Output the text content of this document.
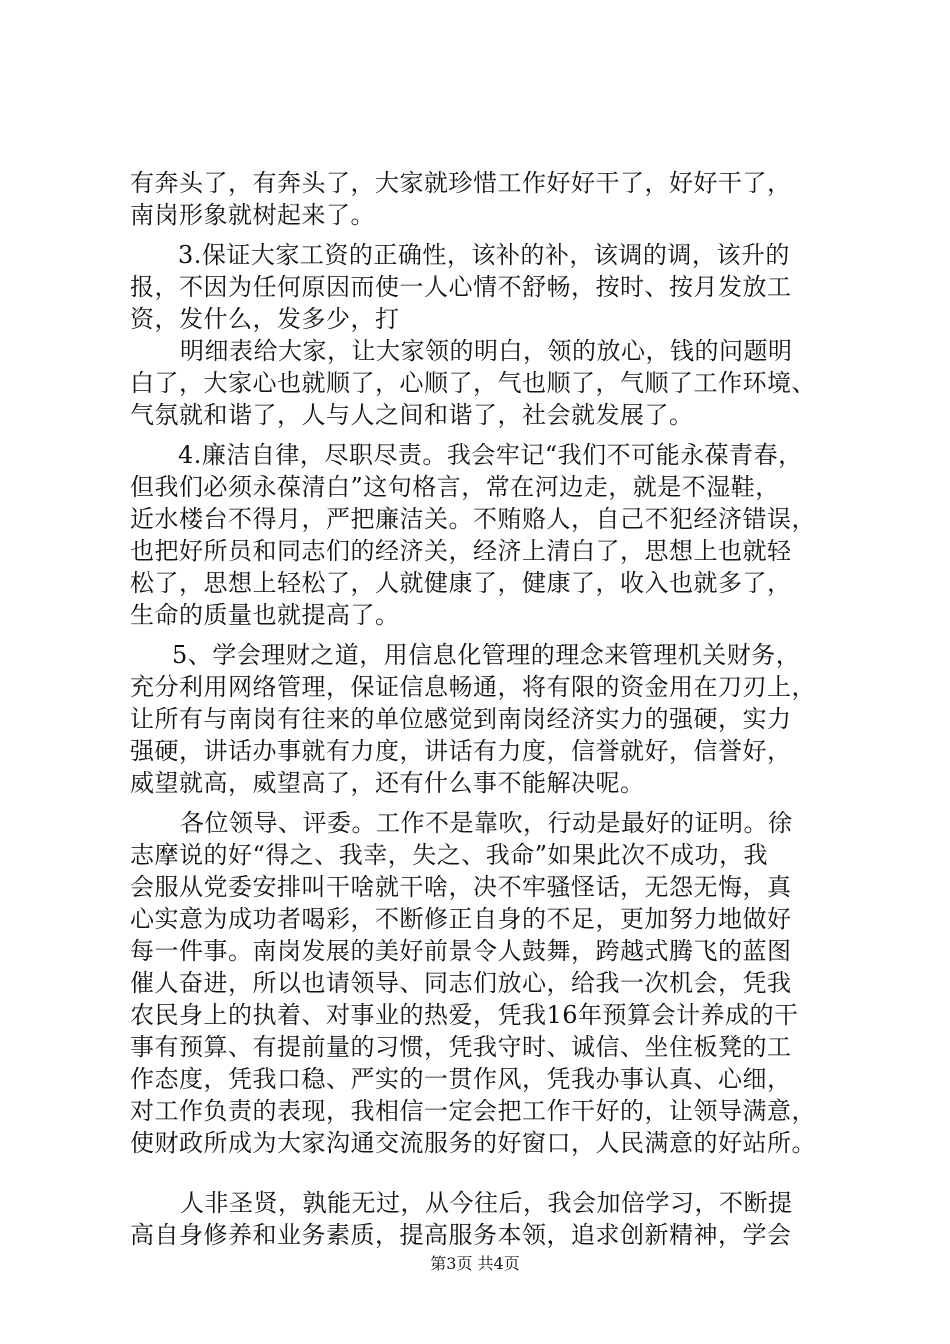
有奔头了，有奔头了，大家就珍惜工作好好干了，好好干了，
南岗形象就树起来了。
3.保证大家工资的正确性，该补的补，该调的调，该升的
报，不因为任何原因而使一人心情不舒畅，按时、按月发放工
资，发什么，发多少，打
明细表给大家，让大家领的明白，领的放心，钱的问题明
白了，大家心也就顺了，心顺了，气也顺了，气顺了工作环境、
气氛就和谐了，人与人之间和谐了，社会就发展了。
4.廉洁自律，尽职尽责。我会牢记“我们不可能永葆青春，
但我们必须永葆清白”这句格言，常在河边走，就是不湿鞋，
近水楼台不得月，严把廉洁关。不贿赂人，自己不犯经济错误，
也把好所员和同志们的经济关，经济上清白了，思想上也就轻
松了，思想上轻松了，人就健康了，健康了，收入也就多了，
生命的质量也就提高了。
5、学会理财之道，用信息化管理的理念来管理机关财务，
充分利用网络管理，保证信息畅通，将有限的资金用在刀刃上，
让所有与南岗有往来的单位感觉到南岗经济实力的强硬，实力
强硬，讲话办事就有力度，讲话有力度，信誉就好，信誉好，
威望就高，威望高了，还有什么事不能解决呢。
各位领导、评委。工作不是靠吹，行动是最好的证明。徐
志摩说的好“得之、我幸，失之、我命”如果此次不成功，我
会服从党委安排叫干啥就干啥，决不牢骚怪话，无怨无悔，真
心实意为成功者喝彩，不断修正自身的不足，更加努力地做好
每一件事。南岗发展的美好前景令人鼓舞，跨越式腾飞的蓝图
催人奋进，所以也请领导、同志们放心，给我一次机会，凭我
农民身上的执着、对事业的热爱，凭我16年预算会计养成的干
事有预算、有提前量的习惯，凭我守时、诚信、坐住板凳的工
作态度，凭我口稳、严实的一贯作风，凭我办事认真、心细，
对工作负责的表现，我相信一定会把工作干好的，让领导满意，
使财政所成为大家沟通交流服务的好窗口，人民满意的好站所。
人非圣贤，孰能无过，从今往后，我会加倍学习，不断提
高自身修养和业务素质，提高服务本领，追求创新精神，学会
第3页 共4页
